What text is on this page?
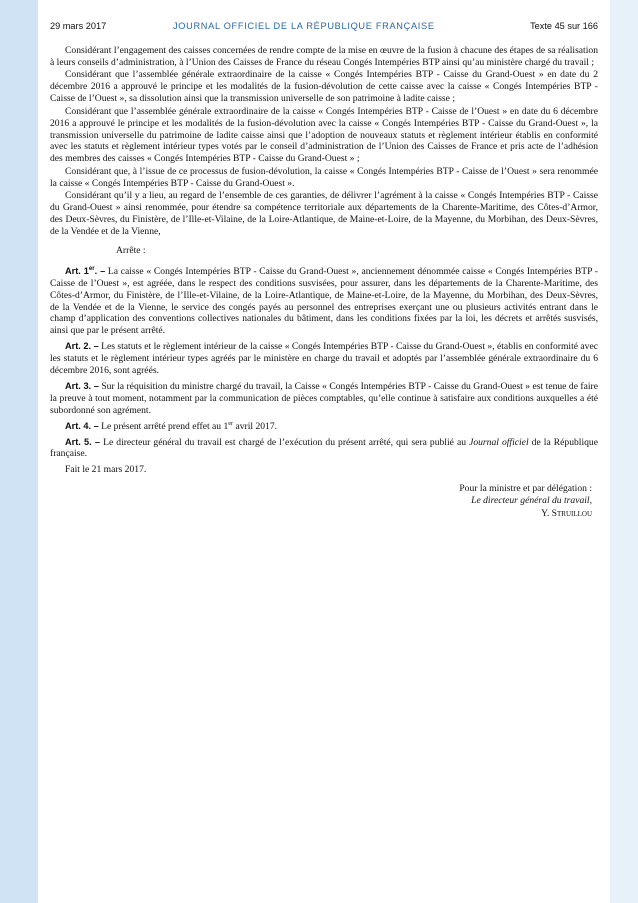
29 mars 2017	JOURNAL OFFICIEL DE LA RÉPUBLIQUE FRANÇAISE	Texte 45 sur 166

Considérant l’engagement des caisses concernées de rendre compte de la mise en œuvre de la fusion à chacune des étapes de sa réalisation à leurs conseils d’administration, à l’Union des Caisses de France du réseau Congés Intempéries BTP ainsi qu’au ministère chargé du travail ;

Considérant que l’assemblée générale extraordinaire de la caisse « Congés Intempéries BTP - Caisse du Grand-Ouest » en date du 2 décembre 2016 a approuvé le principe et les modalités de la fusion-dévolution de cette caisse avec la caisse « Congés Intempéries BTP - Caisse de l’Ouest », sa dissolution ainsi que la transmission universelle de son patrimoine à ladite caisse ;

Considérant que l’assemblée générale extraordinaire de la caisse « Congés Intempéries BTP - Caisse de l’Ouest » en date du 6 décembre 2016 a approuvé le principe et les modalités de la fusion-dévolution avec la caisse « Congés Intempéries BTP - Caisse du Grand-Ouest », la transmission universelle du patrimoine de ladite caisse ainsi que l’adoption de nouveaux statuts et règlement intérieur établis en conformité avec les statuts et règlement intérieur types votés par le conseil d’administration de l’Union des Caisses de France et pris acte de l’adhésion des membres des caisses « Congés Intempéries BTP - Caisse du Grand-Ouest » ;

Considérant que, à l’issue de ce processus de fusion-dévolution, la caisse « Congés Intempéries BTP - Caisse de l’Ouest » sera renommée la caisse « Congés Intempéries BTP - Caisse du Grand-Ouest ».

Considérant qu’il y a lieu, au regard de l’ensemble de ces garanties, de délivrer l’agrément à la caisse « Congés Intempéries BTP - Caisse du Grand-Ouest » ainsi renommée, pour étendre sa compétence territoriale aux départements de la Charente-Maritime, des Côtes-d’Armor, des Deux-Sèvres, du Finistère, de l’Ille-et-Vilaine, de la Loire-Atlantique, de Maine-et-Loire, de la Mayenne, du Morbihan, des Deux-Sèvres, de la Vendée et de la Vienne,

Arrête :

Art. 1er. – La caisse « Congés Intempéries BTP - Caisse du Grand-Ouest », anciennement dénommée caisse « Congés Intempéries BTP - Caisse de l’Ouest », est agréée, dans le respect des conditions susvisées, pour assurer, dans les départements de la Charente-Maritime, des Côtes-d’Armor, du Finistère, de l’Ille-et-Vilaine, de la Loire-Atlantique, de Maine-et-Loire, de la Mayenne, du Morbihan, des Deux-Sèvres, de la Vendée et de la Vienne, le service des congés payés au personnel des entreprises exerçant une ou plusieurs activités entrant dans le champ d’application des conventions collectives nationales du bâtiment, dans les conditions fixées par la loi, les décrets et arrêtés susvisés, ainsi que par le présent arrêté.

Art. 2. – Les statuts et le règlement intérieur de la caisse « Congés Intempéries BTP - Caisse du Grand-Ouest », établis en conformité avec les statuts et le règlement intérieur types agréés par le ministère en charge du travail et adoptés par l’assemblée générale extraordinaire du 6 décembre 2016, sont agréés.

Art. 3. – Sur la réquisition du ministre chargé du travail, la Caisse « Congés Intempéries BTP - Caisse du Grand-Ouest » est tenue de faire la preuve à tout moment, notamment par la communication de pièces comptables, qu’elle continue à satisfaire aux conditions auxquelles a été subordonné son agrément.

Art. 4. – Le présent arrêté prend effet au 1er avril 2017.

Art. 5. – Le directeur général du travail est chargé de l’exécution du présent arrêté, qui sera publié au Journal officiel de la République française.

Fait le 21 mars 2017.

Pour la ministre et par délégation :
Le directeur général du travail,
Y. Struillou
